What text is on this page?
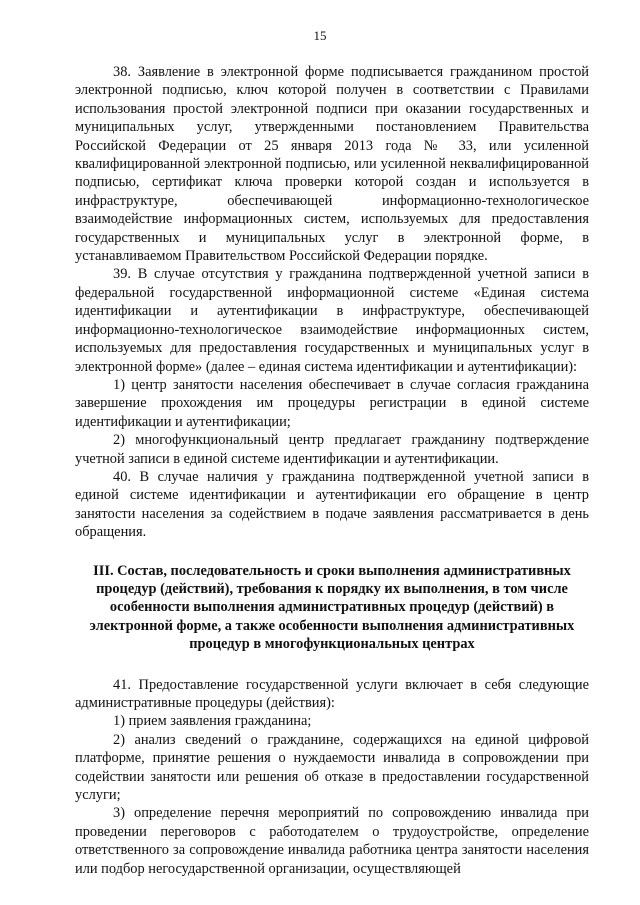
15

38. Заявление в электронной форме подписывается гражданином простой электронной подписью, ключ которой получен в соответствии с Правилами использования простой электронной подписи при оказании государственных и муниципальных услуг, утвержденными постановлением Правительства Российской Федерации от 25 января 2013 года № 33, или усиленной квалифицированной электронной подписью, или усиленной неквалифицированной подписью, сертификат ключа проверки которой создан и используется в инфраструктуре, обеспечивающей информационно-технологическое взаимодействие информационных систем, используемых для предоставления государственных и муниципальных услуг в электронной форме, в устанавливаемом Правительством Российской Федерации порядке.

39. В случае отсутствия у гражданина подтвержденной учетной записи в федеральной государственной информационной системе «Единая система идентификации и аутентификации в инфраструктуре, обеспечивающей информационно-технологическое взаимодействие информационных систем, используемых для предоставления государственных и муниципальных услуг в электронной форме» (далее – единая система идентификации и аутентификации):

1) центр занятости населения обеспечивает в случае согласия гражданина завершение прохождения им процедуры регистрации в единой системе идентификации и аутентификации;

2) многофункциональный центр предлагает гражданину подтверждение учетной записи в единой системе идентификации и аутентификации.

40. В случае наличия у гражданина подтвержденной учетной записи в единой системе идентификации и аутентификации его обращение в центр занятости населения за содействием в подаче заявления рассматривается в день обращения.

III. Состав, последовательность и сроки выполнения административных
процедур (действий), требования к порядку их выполнения, в том числе
особенности выполнения административных процедур (действий) в
электронной форме, а также особенности выполнения административных
процедур в многофункциональных центрах

41. Предоставление государственной услуги включает в себя следующие административные процедуры (действия):

1) прием заявления гражданина;

2) анализ сведений о гражданине, содержащихся на единой цифровой платформе, принятие решения о нуждаемости инвалида в сопровождении при содействии занятости или решения об отказе в предоставлении государственной услуги;

3) определение перечня мероприятий по сопровождению инвалида при проведении переговоров с работодателем о трудоустройстве, определение ответственного за сопровождение инвалида работника центра занятости населения или подбор негосударственной организации, осуществляющей
